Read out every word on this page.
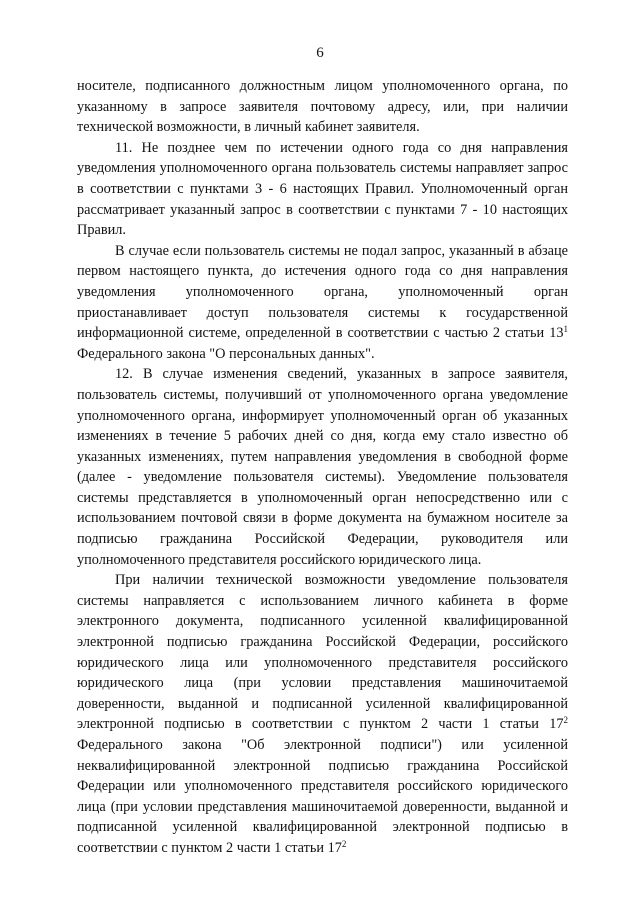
6

носителе, подписанного должностным лицом уполномоченного органа, по указанному в запросе заявителя почтовому адресу, или, при наличии технической возможности, в личный кабинет заявителя.

11. Не позднее чем по истечении одного года со дня направления уведомления уполномоченного органа пользователь системы направляет запрос в соответствии с пунктами 3 - 6 настоящих Правил. Уполномоченный орган рассматривает указанный запрос в соответствии с пунктами 7 - 10 настоящих Правил.

В случае если пользователь системы не подал запрос, указанный в абзаце первом настоящего пункта, до истечения одного года со дня направления уведомления уполномоченного органа, уполномоченный орган приостанавливает доступ пользователя системы к государственной информационной системе, определенной в соответствии с частью 2 статьи $13^1$ Федерального закона "О персональных данных".

12. В случае изменения сведений, указанных в запросе заявителя, пользователь системы, получивший от уполномоченного органа уведомление уполномоченного органа, информирует уполномоченный орган об указанных изменениях в течение 5 рабочих дней со дня, когда ему стало известно об указанных изменениях, путем направления уведомления в свободной форме (далее - уведомление пользователя системы). Уведомление пользователя системы представляется в уполномоченный орган непосредственно или с использованием почтовой связи в форме документа на бумажном носителе за подписью гражданина Российской Федерации, руководителя или уполномоченного представителя российского юридического лица.

При наличии технической возможности уведомление пользователя системы направляется с использованием личного кабинета в форме электронного документа, подписанного усиленной квалифицированной электронной подписью гражданина Российской Федерации, российского юридического лица или уполномоченного представителя российского юридического лица (при условии представления машиночитаемой доверенности, выданной и подписанной усиленной квалифицированной электронной подписью в соответствии с пунктом 2 части 1 статьи $17^2$ Федерального закона "Об электронной подписи") или усиленной неквалифицированной электронной подписью гражданина Российской Федерации или уполномоченного представителя российского юридического лица (при условии представления машиночитаемой доверенности, выданной и подписанной усиленной квалифицированной электронной подписью в соответствии с пунктом 2 части 1 статьи $17^2$
